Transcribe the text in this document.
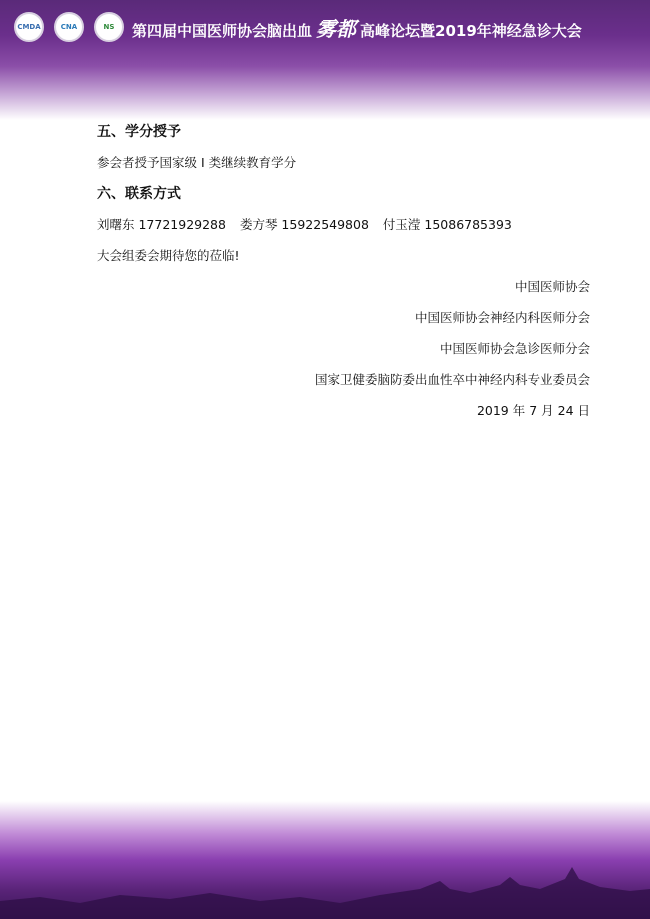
CMDA	CNA	NS 第四届中国医师协会脑出血 雾都 高峰论坛暨2019年神经急诊大会
五、学分授予
参会者授予国家级 I 类继续教育学分
六、联系方式
刘曙东 17721929288 娄方琴 15922549808 付玉滢 15086785393
大会组委会期待您的莅临!
中国医师协会
中国医师协会神经内科医师分会
中国医师协会急诊医师分会
国家卫健委脑防委出血性卒中神经内科专业委员会
2019 年 7 月 24 日
